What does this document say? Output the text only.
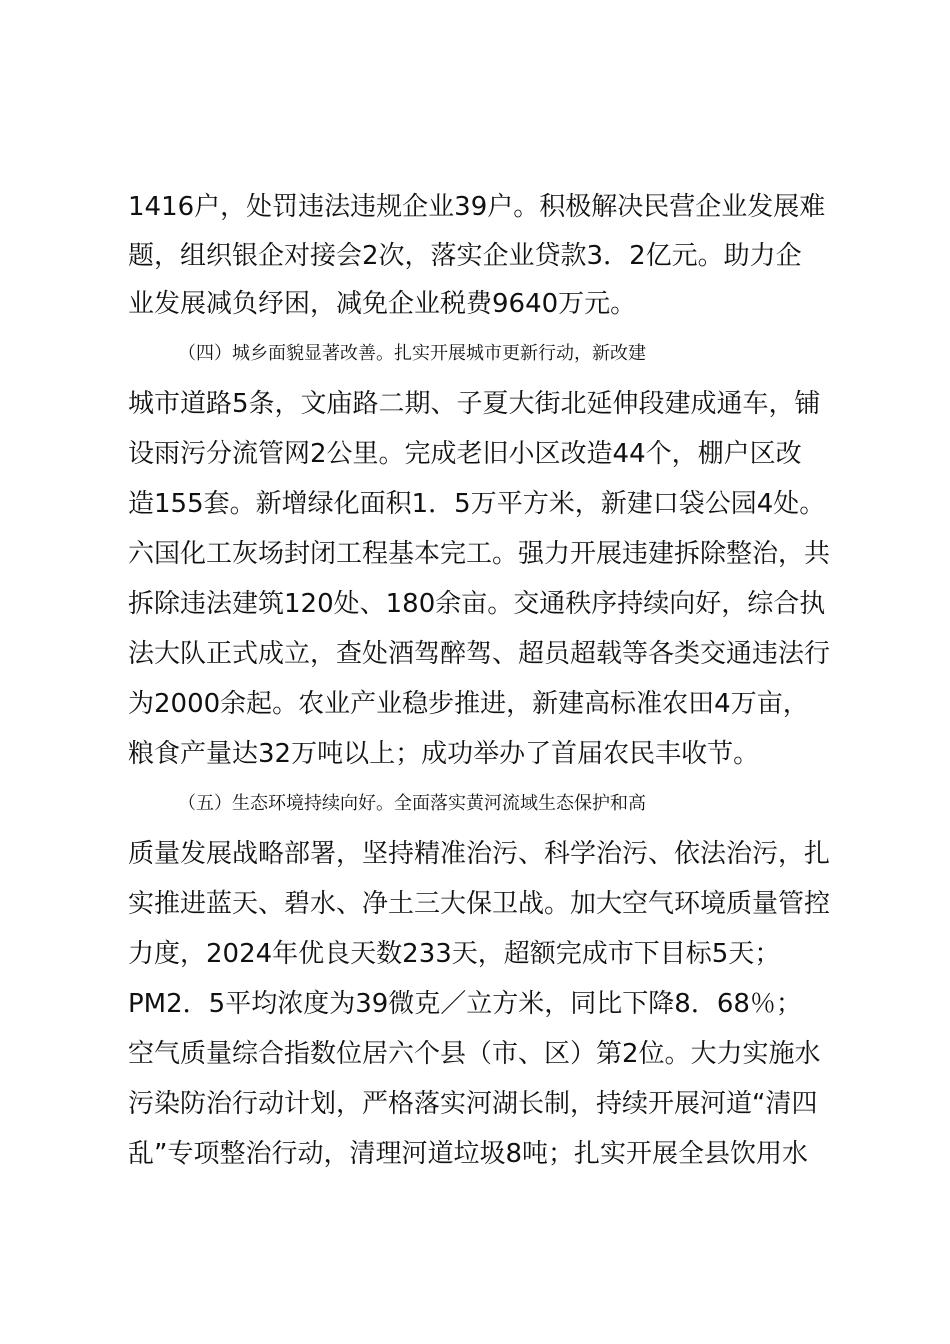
1416户，处罚违法违规企业39户。积极解决民营企业发展难
题，组织银企对接会2次，落实企业贷款3．2亿元。助力企
业发展减负纾困，减免企业税费9640万元。
（四）城乡面貌显著改善。扎实开展城市更新行动，新改建
城市道路5条，文庙路二期、子夏大街北延伸段建成通车，铺
设雨污分流管网2公里。完成老旧小区改造44个，棚户区改
造155套。新增绿化面积1．5万平方米，新建口袋公园4处。
六国化工灰场封闭工程基本完工。强力开展违建拆除整治，共
拆除违法建筑120处、180余亩。交通秩序持续向好，综合执
法大队正式成立，查处酒驾醉驾、超员超载等各类交通违法行
为2000余起。农业产业稳步推进，新建高标准农田4万亩，
粮食产量达32万吨以上；成功举办了首届农民丰收节。
（五）生态环境持续向好。全面落实黄河流域生态保护和高
质量发展战略部署，坚持精准治污、科学治污、依法治污，扎
实推进蓝天、碧水、净土三大保卫战。加大空气环境质量管控
力度，2024年优良天数233天，超额完成市下目标5天；
PM2．5平均浓度为39微克／立方米，同比下降8．68％；
空气质量综合指数位居六个县（市、区）第2位。大力实施水
污染防治行动计划，严格落实河湖长制，持续开展河道“清四
乱”专项整治行动，清理河道垃圾8吨；扎实开展全县饮用水
